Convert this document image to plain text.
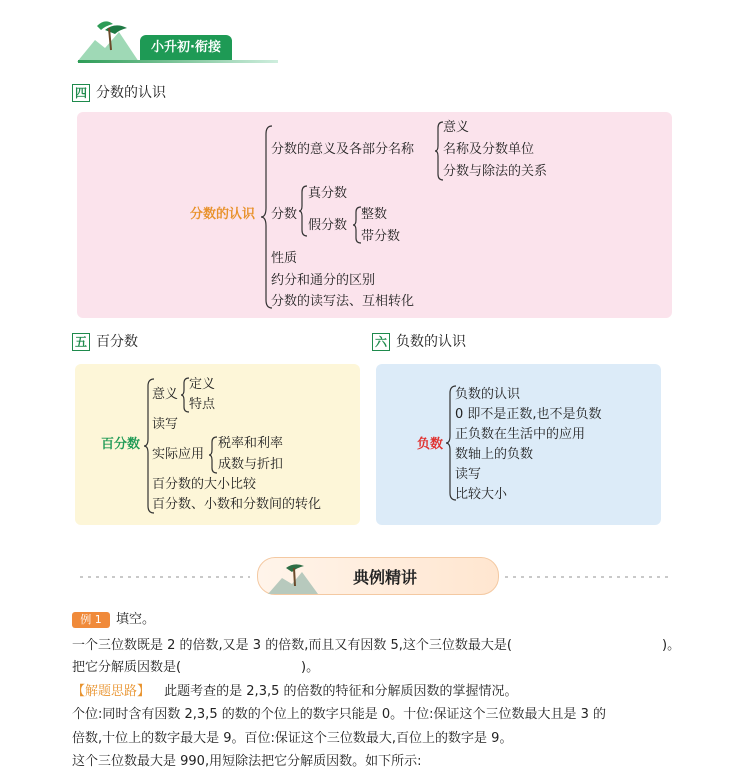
小升初·衔接
四 分数的认识
分数的认识
分数的意义及各部分名称
意义
名称及分数单位
分数与除法的关系
分数
真分数
假分数
整数
带分数
性质
约分和通分的区别
分数的读写法、互相转化
五 百分数
百分数
意义
定义
特点
读写
实际应用
税率和利率
成数与折扣
百分数的大小比较
百分数、小数和分数间的转化
六 负数的认识
负数
负数的认识
0 即不是正数,也不是负数
正负数在生活中的应用
数轴上的负数
读写
比较大小
典例精讲
例 1	填空。
一个三位数既是 2 的倍数,又是 3 的倍数,而且又有因数 5,这个三位数最大是(	)。
把它分解质因数是(	)。
【解题思路】 此题考查的是 2,3,5 的倍数的特征和分解质因数的掌握情况。
个位:同时含有因数 2,3,5 的数的个位上的数字只能是 0。十位:保证这个三位数最大且是 3 的
倍数,十位上的数字最大是 9。百位:保证这个三位数最大,百位上的数字是 9。
这个三位数最大是 990,用短除法把它分解质因数。如下所示:
